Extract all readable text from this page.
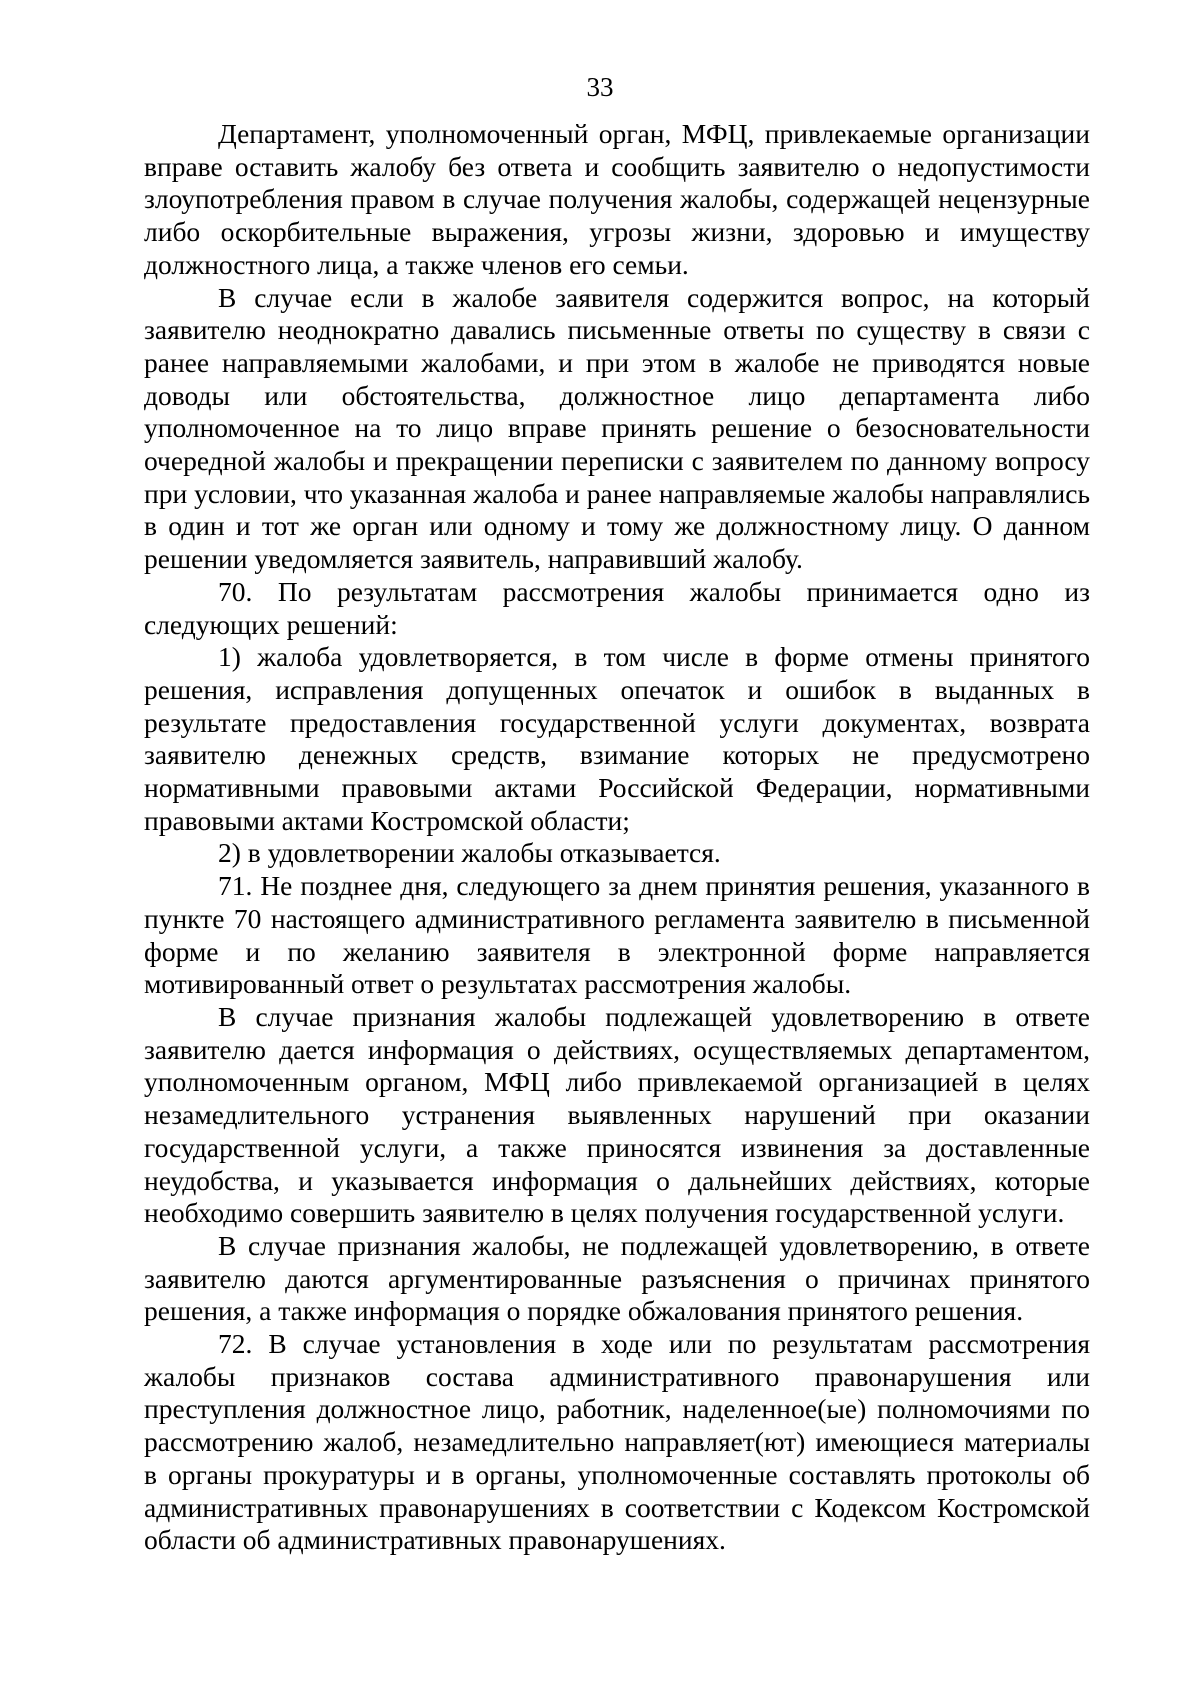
33

Департамент, уполномоченный орган, МФЦ, привлекаемые организации вправе оставить жалобу без ответа и сообщить заявителю о недопустимости злоупотребления правом в случае получения жалобы, содержащей нецензурные либо оскорбительные выражения, угрозы жизни, здоровью и имуществу должностного лица, а также членов его семьи.

В случае если в жалобе заявителя содержится вопрос, на который заявителю неоднократно давались письменные ответы по существу в связи с ранее направляемыми жалобами, и при этом в жалобе не приводятся новые доводы или обстоятельства, должностное лицо департамента либо уполномоченное на то лицо вправе принять решение о безосновательности очередной жалобы и прекращении переписки с заявителем по данному вопросу при условии, что указанная жалоба и ранее направляемые жалобы направлялись в один и тот же орган или одному и тому же должностному лицу. О данном решении уведомляется заявитель, направивший жалобу.

70. По результатам рассмотрения жалобы принимается одно из следующих решений:

1) жалоба удовлетворяется, в том числе в форме отмены принятого решения, исправления допущенных опечаток и ошибок в выданных в результате предоставления государственной услуги документах, возврата заявителю денежных средств, взимание которых не предусмотрено нормативными правовыми актами Российской Федерации, нормативными правовыми актами Костромской области;

2) в удовлетворении жалобы отказывается.

71. Не позднее дня, следующего за днем принятия решения, указанного в пункте 70 настоящего административного регламента заявителю в письменной форме и по желанию заявителя в электронной форме направляется мотивированный ответ о результатах рассмотрения жалобы.

В случае признания жалобы подлежащей удовлетворению в ответе заявителю дается информация о действиях, осуществляемых департаментом, уполномоченным органом, МФЦ либо привлекаемой организацией в целях незамедлительного устранения выявленных нарушений при оказании государственной услуги, а также приносятся извинения за доставленные неудобства, и указывается информация о дальнейших действиях, которые необходимо совершить заявителю в целях получения государственной услуги.

В случае признания жалобы, не подлежащей удовлетворению, в ответе заявителю даются аргументированные разъяснения о причинах принятого решения, а также информация о порядке обжалования принятого решения.

72. В случае установления в ходе или по результатам рассмотрения жалобы признаков состава административного правонарушения или преступления должностное лицо, работник, наделенное(ые) полномочиями по рассмотрению жалоб, незамедлительно направляет(ют) имеющиеся материалы в органы прокуратуры и в органы, уполномоченные составлять протоколы об административных правонарушениях в соответствии с Кодексом Костромской области об административных правонарушениях.
